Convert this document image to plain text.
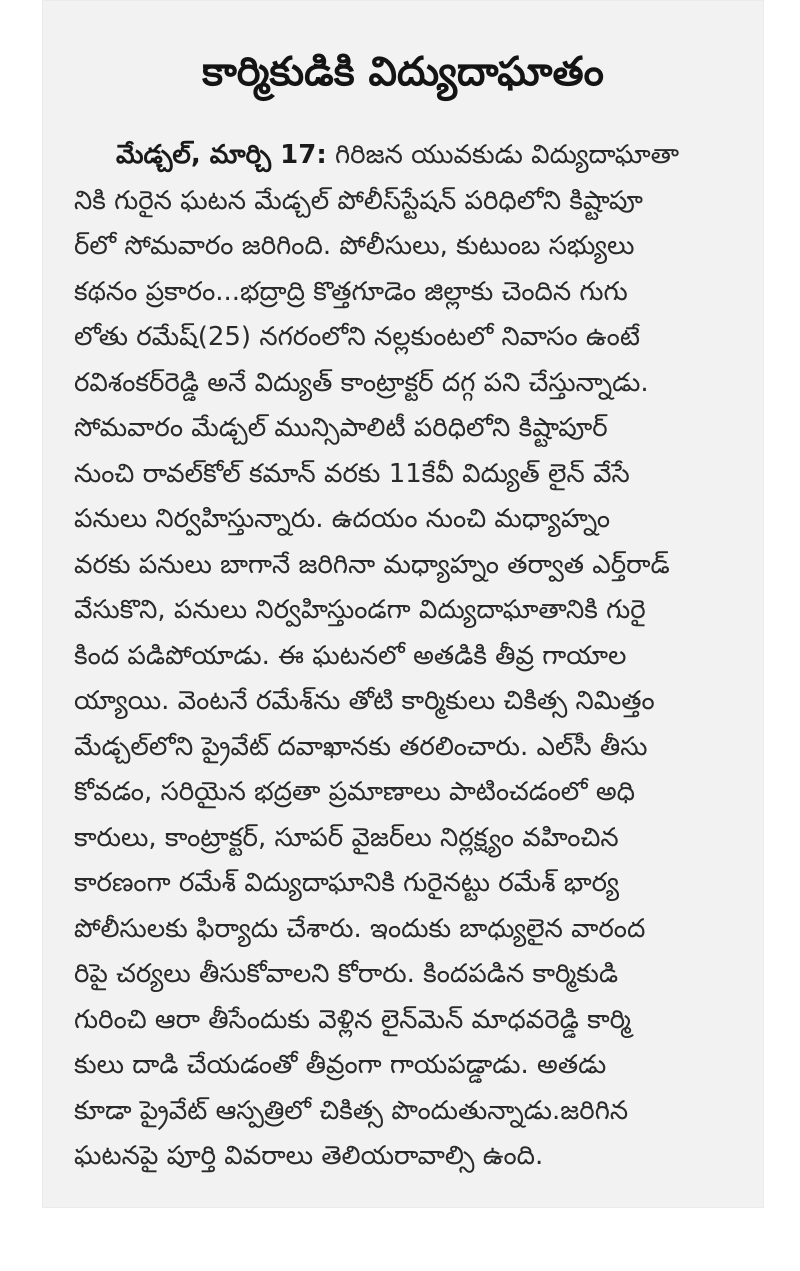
కార్మికుడికి విద్యుదాఘాతం
మేడ్చల్, మార్చి 17: గిరిజన యువకుడు విద్యుదాఘాతా
నికి గురైన ఘటన మేడ్చల్ పోలీస్‌స్టేషన్ పరిధిలోని కిష్టాపూ
ర్‌లో సోమవారం జరిగింది. పోలీసులు, కుటుంబ సభ్యులు
కథనం ప్రకారం...భద్రాద్రి కొత్తగూడెం జిల్లాకు చెందిన గుగు
లోతు రమేష్(25) నగరంలోని నల్లకుంటలో నివాసం ఉంటే
రవిశంకర్‌రెడ్డి అనే విద్యుత్ కాంట్రాక్టర్ దగ్గ పని చేస్తున్నాడు.
సోమవారం మేడ్చల్ మున్సిపాలిటీ పరిధిలోని కిష్టాపూర్
నుంచి రావల్‌కోల్ కమాన్ వరకు 11కేవీ విద్యుత్ లైన్ వేసే
పనులు నిర్వహిస్తున్నారు. ఉదయం నుంచి మధ్యాహ్నం
వరకు పనులు బాగానే జరిగినా మధ్యాహ్నం తర్వాత ఎర్త్‌రాడ్
వేసుకొని, పనులు నిర్వహిస్తుండగా విద్యుదాఘాతానికి గురై
కింద పడిపోయాడు. ఈ ఘటనలో అతడికి తీవ్ర గాయాల
య్యాయి. వెంటనే రమేశ్‌ను తోటి కార్మికులు చికిత్స నిమిత్తం
మేడ్చల్‌లోని ప్రైవేట్ దవాఖానకు తరలించారు. ఎల్‌సీ తీసు
కోవడం, సరియైన భద్రతా ప్రమాణాలు పాటించడంలో అధి
కారులు, కాంట్రాక్టర్, సూపర్ వైజర్‌లు నిర్లక్ష్యం వహించిన
కారణంగా రమేశ్ విద్యుదాఘానికి గురైనట్టు రమేశ్ భార్య
పోలీసులకు ఫిర్యాదు చేశారు. ఇందుకు బాధ్యులైన వారంద
రిపై చర్యలు తీసుకోవాలని కోరారు. కిందపడిన కార్మికుడి
గురించి ఆరా తీసేందుకు వెళ్లిన లైన్‌మెన్ మాధవరెడ్డి కార్మి
కులు దాడి చేయడంతో తీవ్రంగా గాయపడ్డాడు. అతడు
కూడా ప్రైవేట్ ఆస్పత్రిలో చికిత్స పొందుతున్నాడు.జరిగిన
ఘటనపై పూర్తి వివరాలు తెలియరావాల్సి ఉంది.
